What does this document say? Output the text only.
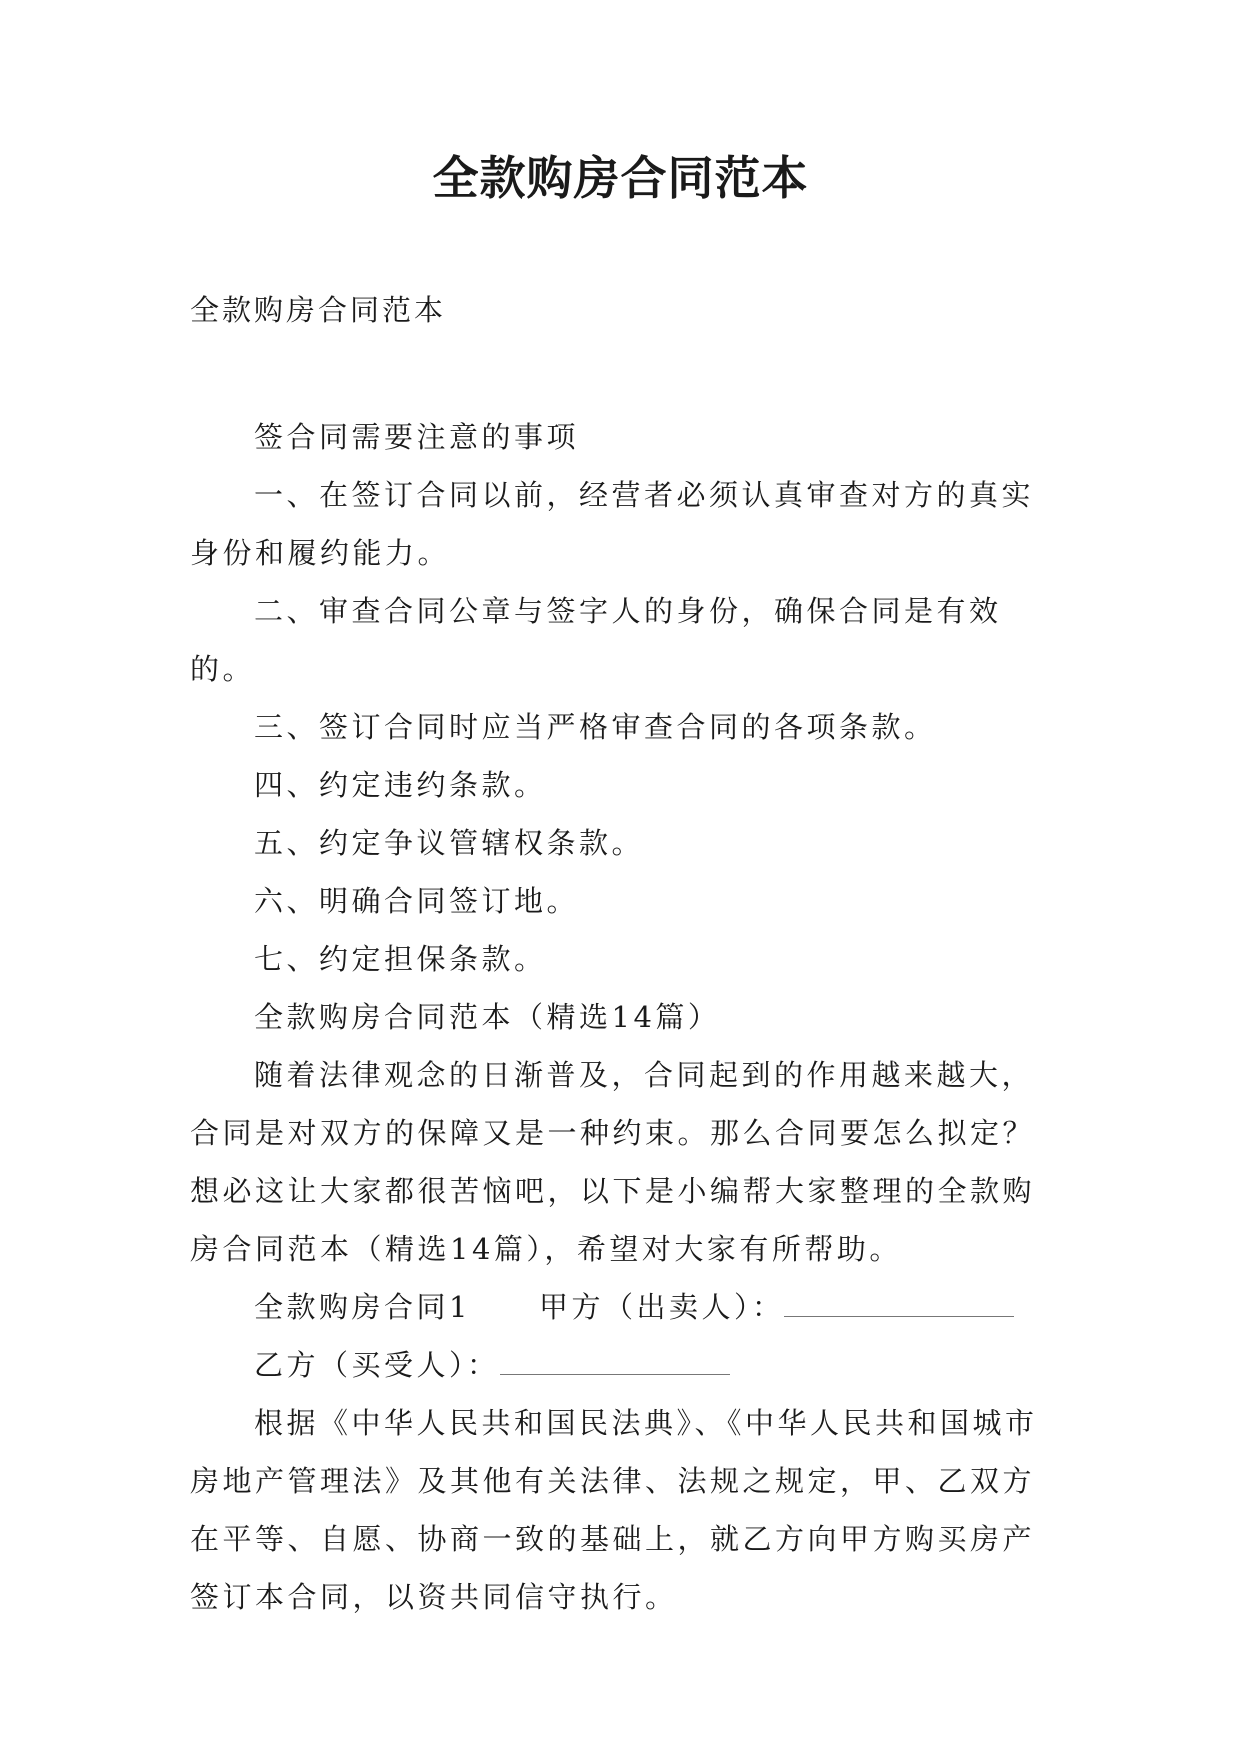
全款购房合同范本
全款购房合同范本

签合同需要注意的事项

一、在签订合同以前，经营者必须认真审查对方的真实身份和履约能力。

二、审查合同公章与签字人的身份，确保合同是有效的。

三、签订合同时应当严格审查合同的各项条款。

四、约定违约条款。

五、约定争议管辖权条款。

六、明确合同签订地。

七、约定担保条款。

全款购房合同范本（精选14篇）

随着法律观念的日渐普及，合同起到的作用越来越大，合同是对双方的保障又是一种约束。那么合同要怎么拟定？想必这让大家都很苦恼吧，以下是小编帮大家整理的全款购房合同范本（精选14篇），希望对大家有所帮助。

全款购房合同1 甲方（出卖人）：

乙方（买受人）：

根据《中华人民共和国民法典》、《中华人民共和国城市房地产管理法》及其他有关法律、法规之规定，甲、乙双方在平等、自愿、协商一致的基础上，就乙方向甲方购买房产签订本合同，以资共同信守执行。
